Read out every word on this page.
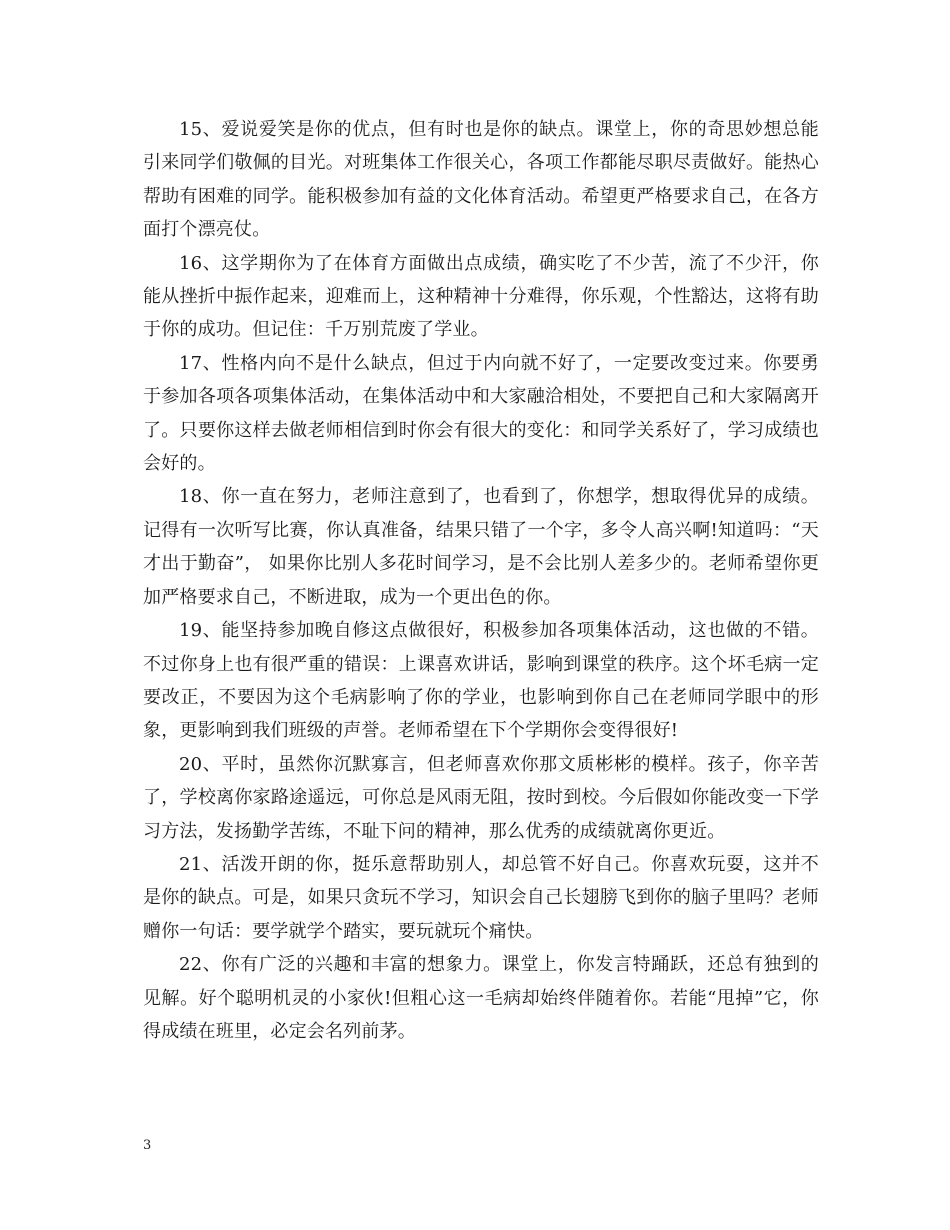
15、爱说爱笑是你的优点，但有时也是你的缺点。课堂上，你的奇思妙想总能引来同学们敬佩的目光。对班集体工作很关心，各项工作都能尽职尽责做好。能热心帮助有困难的同学。能积极参加有益的文化体育活动。希望更严格要求自己，在各方面打个漂亮仗。

16、这学期你为了在体育方面做出点成绩，确实吃了不少苦，流了不少汗，你能从挫折中振作起来，迎难而上，这种精神十分难得，你乐观，个性豁达，这将有助于你的成功。但记住：千万别荒废了学业。

17、性格内向不是什么缺点，但过于内向就不好了，一定要改变过来。你要勇于参加各项各项集体活动，在集体活动中和大家融洽相处，不要把自己和大家隔离开了。只要你这样去做老师相信到时你会有很大的变化：和同学关系好了，学习成绩也会好的。

18、你一直在努力，老师注意到了，也看到了，你想学，想取得优异的成绩。记得有一次听写比赛，你认真准备，结果只错了一个字，多令人高兴啊!知道吗：“天才出于勤奋”， 如果你比别人多花时间学习，是不会比别人差多少的。老师希望你更加严格要求自己，不断进取，成为一个更出色的你。

19、能坚持参加晚自修这点做很好，积极参加各项集体活动，这也做的不错。不过你身上也有很严重的错误：上课喜欢讲话，影响到课堂的秩序。这个坏毛病一定要改正，不要因为这个毛病影响了你的学业，也影响到你自己在老师同学眼中的形象，更影响到我们班级的声誉。老师希望在下个学期你会变得很好!

20、平时，虽然你沉默寡言，但老师喜欢你那文质彬彬的模样。孩子，你辛苦了，学校离你家路途遥远，可你总是风雨无阻，按时到校。今后假如你能改变一下学习方法，发扬勤学苦练，不耻下问的精神，那么优秀的成绩就离你更近。

21、活泼开朗的你，挺乐意帮助别人，却总管不好自己。你喜欢玩耍，这并不是你的缺点。可是，如果只贪玩不学习，知识会自己长翅膀飞到你的脑子里吗？老师赠你一句话：要学就学个踏实，要玩就玩个痛快。

22、你有广泛的兴趣和丰富的想象力。课堂上，你发言特踊跃，还总有独到的见解。好个聪明机灵的小家伙!但粗心这一毛病却始终伴随着你。若能“甩掉”它，你得成绩在班里，必定会名列前茅。

3
